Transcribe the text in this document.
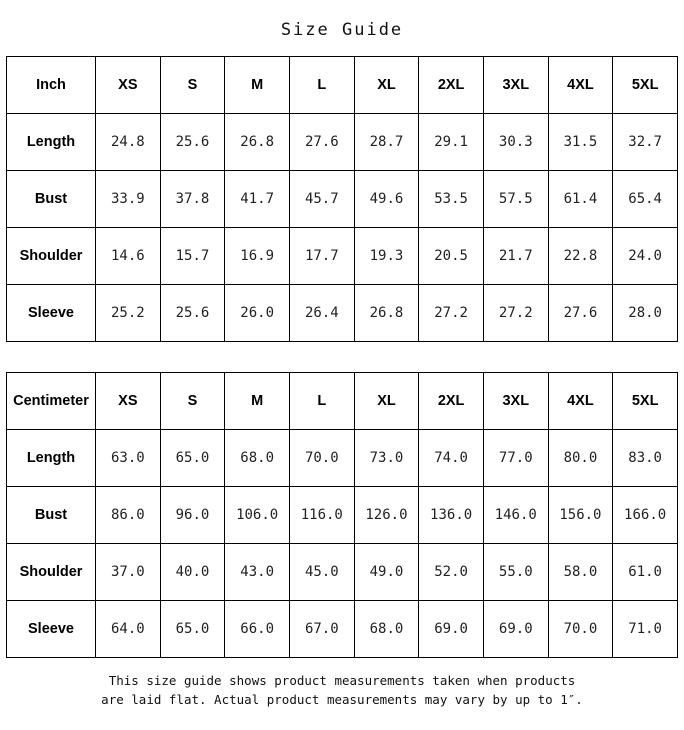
Size Guide
Inch	XS	S	M	L	XL	2XL	3XL	4XL	5XL
Length	24.8	25.6	26.8	27.6	28.7	29.1	30.3	31.5	32.7
Bust	33.9	37.8	41.7	45.7	49.6	53.5	57.5	61.4	65.4
Shoulder	14.6	15.7	16.9	17.7	19.3	20.5	21.7	22.8	24.0
Sleeve	25.2	25.6	26.0	26.4	26.8	27.2	27.2	27.6	28.0
Centimeter	XS	S	M	L	XL	2XL	3XL	4XL	5XL
Length	63.0	65.0	68.0	70.0	73.0	74.0	77.0	80.0	83.0
Bust	86.0	96.0	106.0	116.0	126.0	136.0	146.0	156.0	166.0
Shoulder	37.0	40.0	43.0	45.0	49.0	52.0	55.0	58.0	61.0
Sleeve	64.0	65.0	66.0	67.0	68.0	69.0	69.0	70.0	71.0
This size guide shows product measurements taken when products
are laid flat. Actual product measurements may vary by up to 1″.
